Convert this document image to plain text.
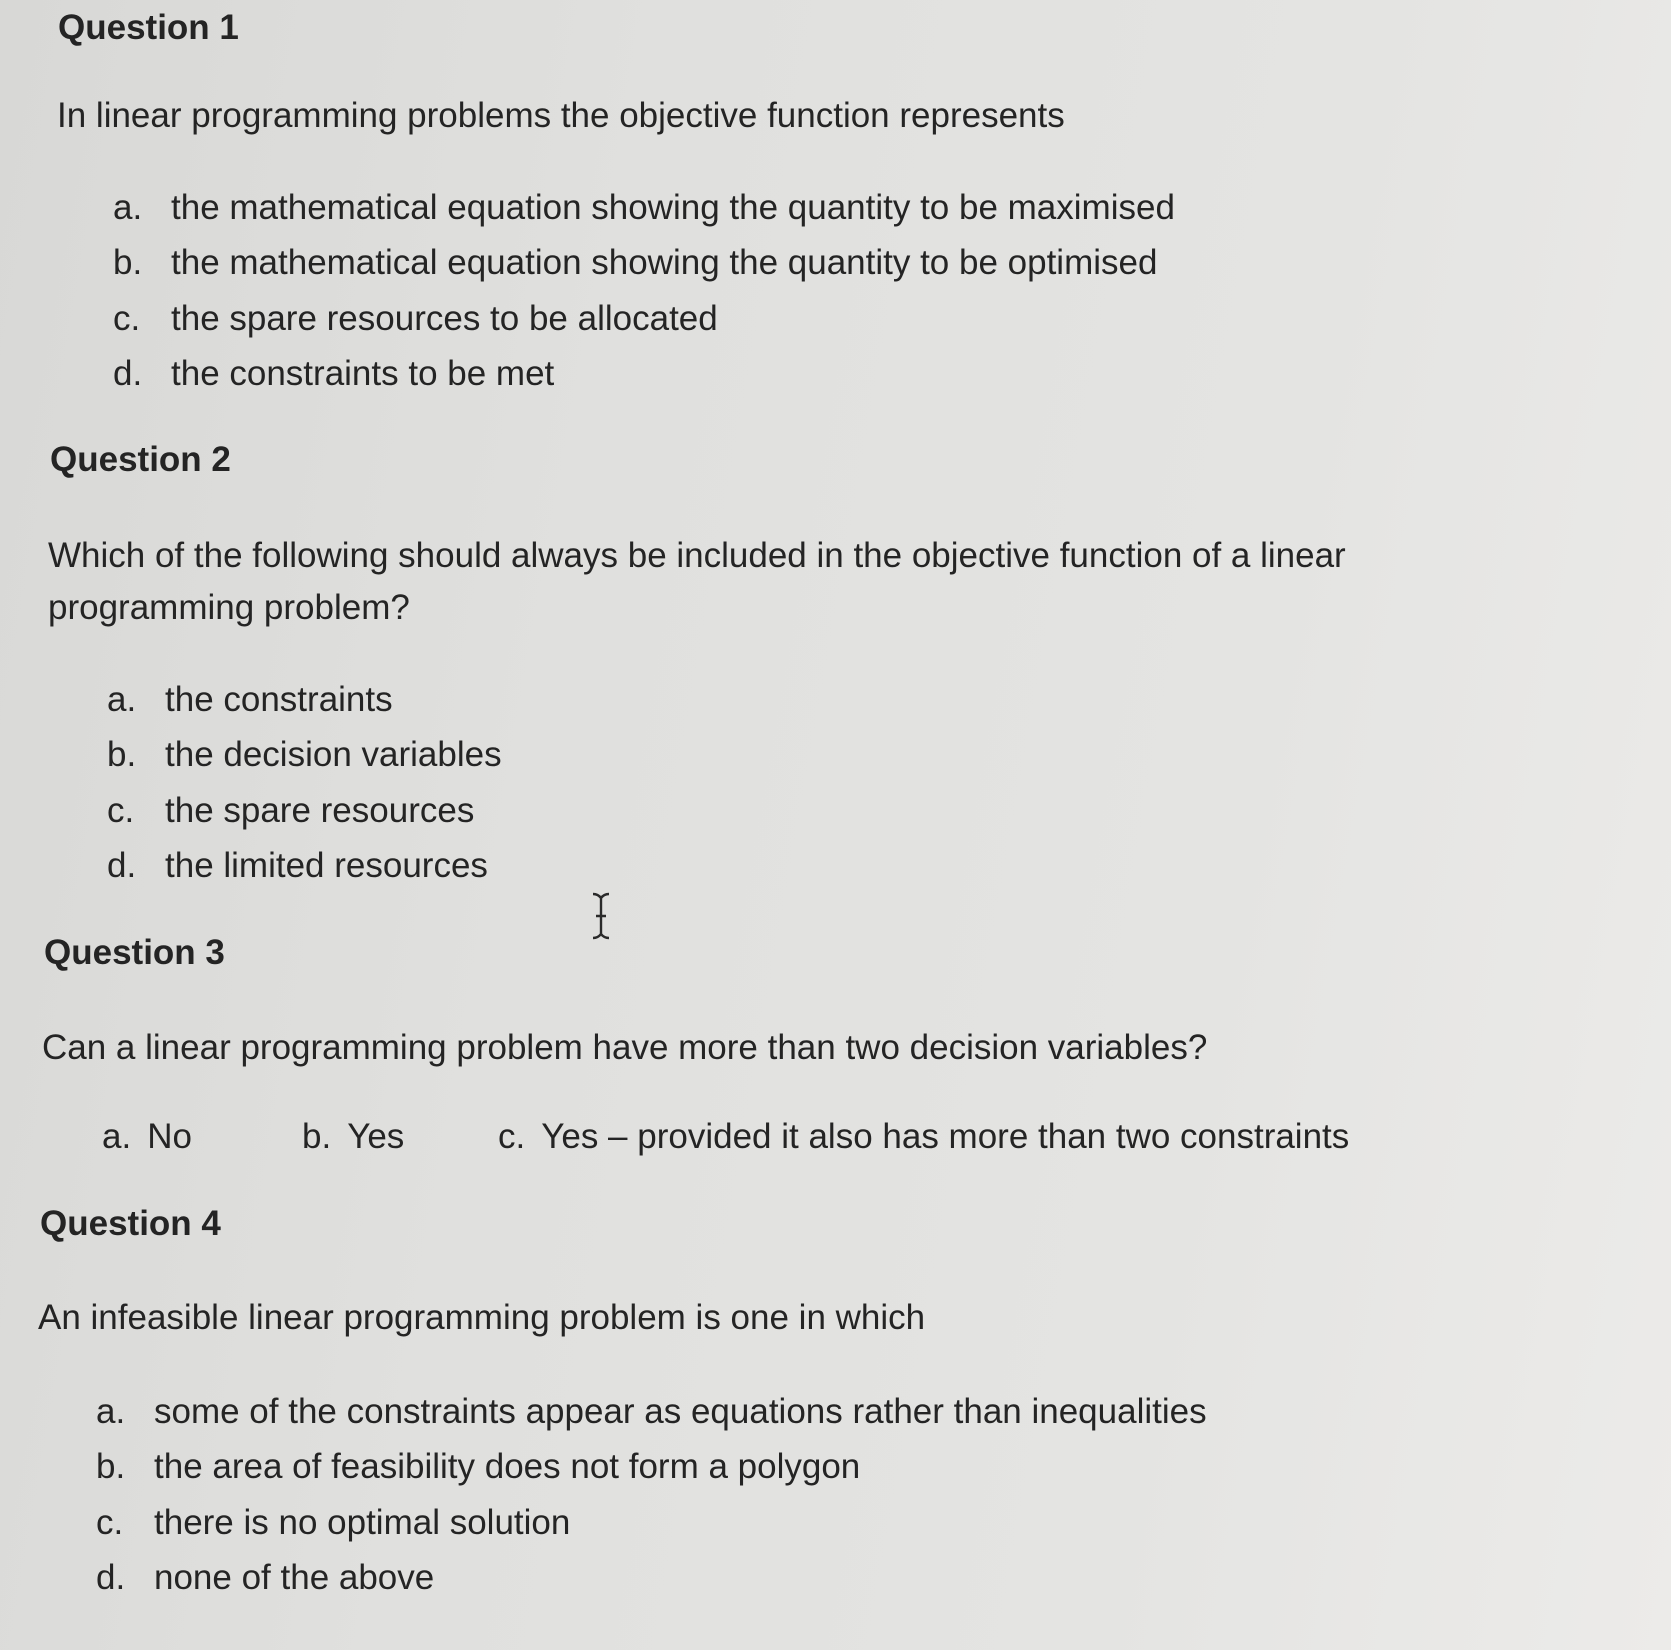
Question 1

In linear programming problems the objective function represents

a. the mathematical equation showing the quantity to be maximised
b. the mathematical equation showing the quantity to be optimised
c. the spare resources to be allocated
d. the constraints to be met
Question 2

Which of the following should always be included in the objective function of a linear programming problem?

a. the constraints
b. the decision variables
c. the spare resources
d. the limited resources
Question 3

Can a linear programming problem have more than two decision variables?

a. No	b. Yes	c. Yes – provided it also has more than two constraints
Question 4

An infeasible linear programming problem is one in which

a. some of the constraints appear as equations rather than inequalities
b. the area of feasibility does not form a polygon
c. there is no optimal solution
d. none of the above
